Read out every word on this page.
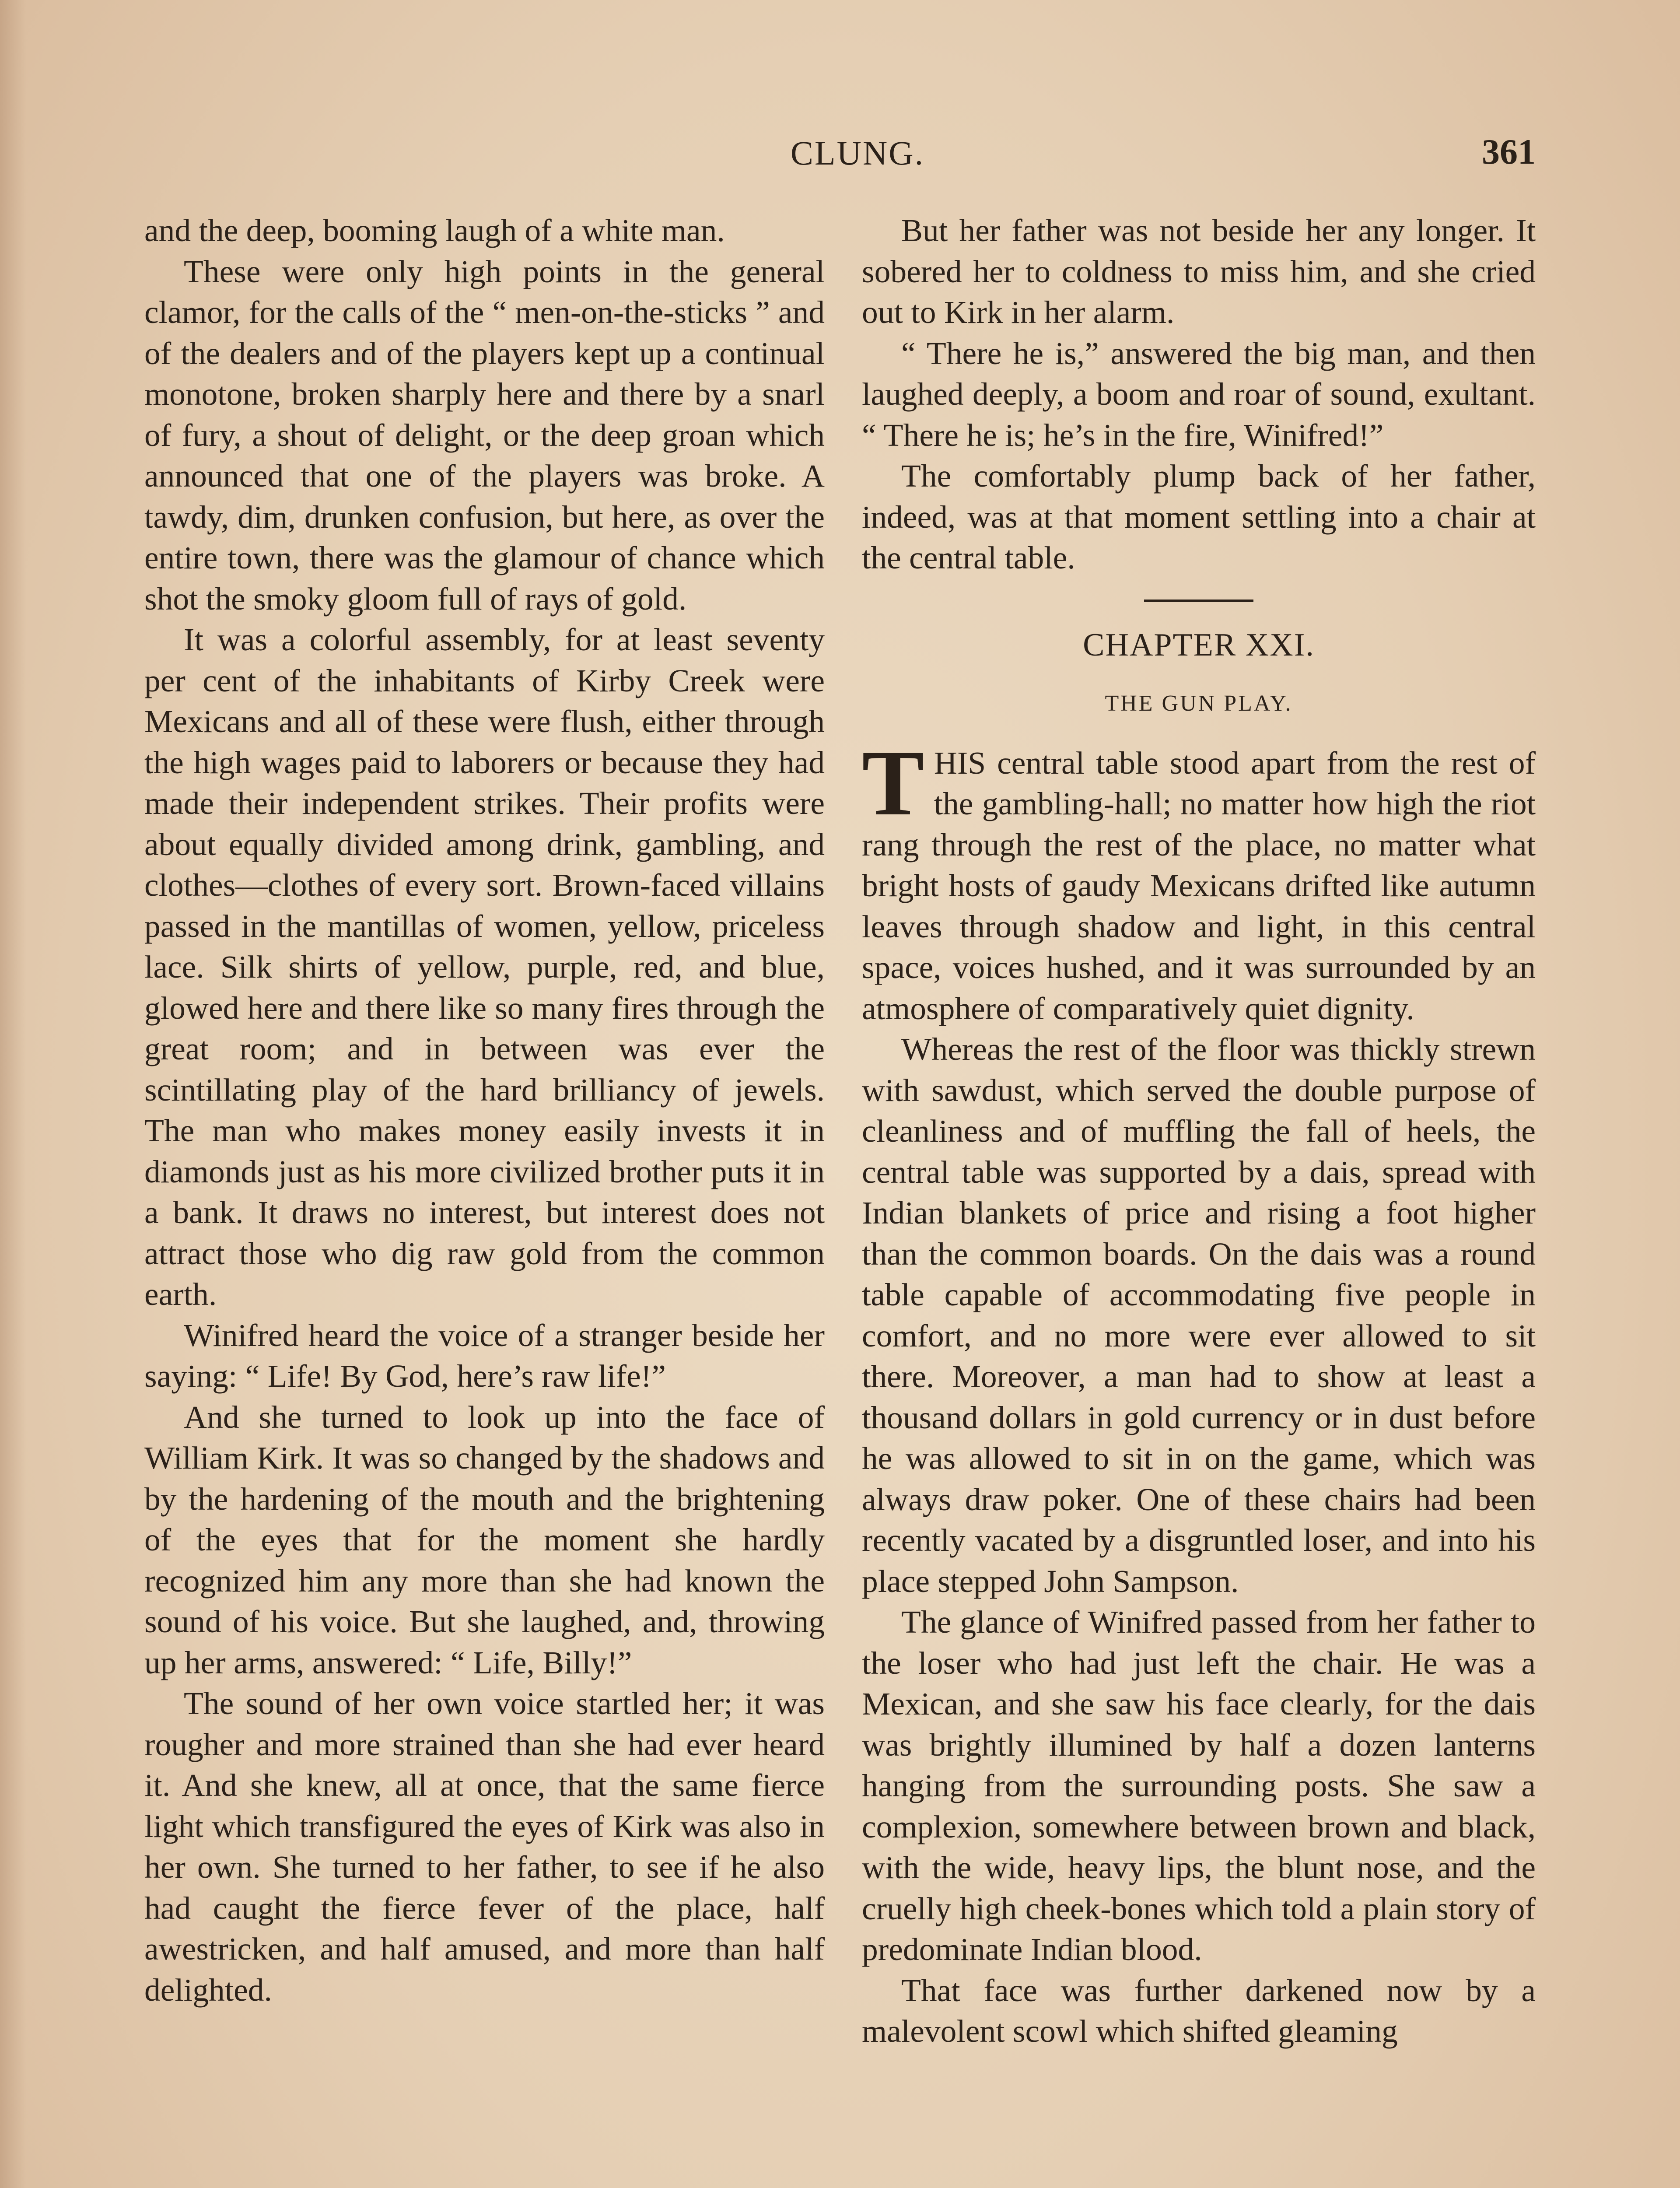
CLUNG.	361

and the deep, booming laugh of a white man.

These were only high points in the general clamor, for the calls of the “ men-on-the-sticks ” and of the dealers and of the players kept up a continual monotone, broken sharply here and there by a snarl of fury, a shout of delight, or the deep groan which announced that one of the players was broke. A tawdy, dim, drunken confusion, but here, as over the entire town, there was the glamour of chance which shot the smoky gloom full of rays of gold.

It was a colorful assembly, for at least seventy per cent of the inhabitants of Kirby Creek were Mexicans and all of these were flush, either through the high wages paid to laborers or because they had made their independent strikes. Their profits were about equally divided among drink, gambling, and clothes—clothes of every sort. Brown-faced villains passed in the mantillas of women, yellow, priceless lace. Silk shirts of yellow, purple, red, and blue, glowed here and there like so many fires through the great room; and in between was ever the scintillating play of the hard brilliancy of jewels. The man who makes money easily invests it in diamonds just as his more civilized brother puts it in a bank. It draws no interest, but interest does not attract those who dig raw gold from the common earth.

Winifred heard the voice of a stranger beside her saying: “ Life! By God, here’s raw life!”

And she turned to look up into the face of William Kirk. It was so changed by the shadows and by the hardening of the mouth and the brightening of the eyes that for the moment she hardly recognized him any more than she had known the sound of his voice. But she laughed, and, throwing up her arms, answered: “ Life, Billy!”

The sound of her own voice startled her; it was rougher and more strained than she had ever heard it. And she knew, all at once, that the same fierce light which transfigured the eyes of Kirk was also in her own. She turned to her father, to see if he also had caught the fierce fever of the place, half awestricken, and half amused, and more than half delighted.

But her father was not beside her any longer. It sobered her to coldness to miss him, and she cried out to Kirk in her alarm.

“ There he is,” answered the big man, and then laughed deeply, a boom and roar of sound, exultant. “ There he is; he’s in the fire, Winifred!”

The comfortably plump back of her father, indeed, was at that moment settling into a chair at the central table.

CHAPTER XXI.
THE GUN PLAY.

THIS central table stood apart from the rest of the gambling-hall; no matter how high the riot rang through the rest of the place, no matter what bright hosts of gaudy Mexicans drifted like autumn leaves through shadow and light, in this central space, voices hushed, and it was surrounded by an atmosphere of comparatively quiet dignity.

Whereas the rest of the floor was thickly strewn with sawdust, which served the double purpose of cleanliness and of muffling the fall of heels, the central table was supported by a dais, spread with Indian blankets of price and rising a foot higher than the common boards. On the dais was a round table capable of accommodating five people in comfort, and no more were ever allowed to sit there. Moreover, a man had to show at least a thousand dollars in gold currency or in dust before he was allowed to sit in on the game, which was always draw poker. One of these chairs had been recently vacated by a disgruntled loser, and into his place stepped John Sampson.

The glance of Winifred passed from her father to the loser who had just left the chair. He was a Mexican, and she saw his face clearly, for the dais was brightly illumined by half a dozen lanterns hanging from the surrounding posts. She saw a complexion, somewhere between brown and black, with the wide, heavy lips, the blunt nose, and the cruelly high cheek-bones which told a plain story of predominate Indian blood.

That face was further darkened now by a malevolent scowl which shifted gleaming
